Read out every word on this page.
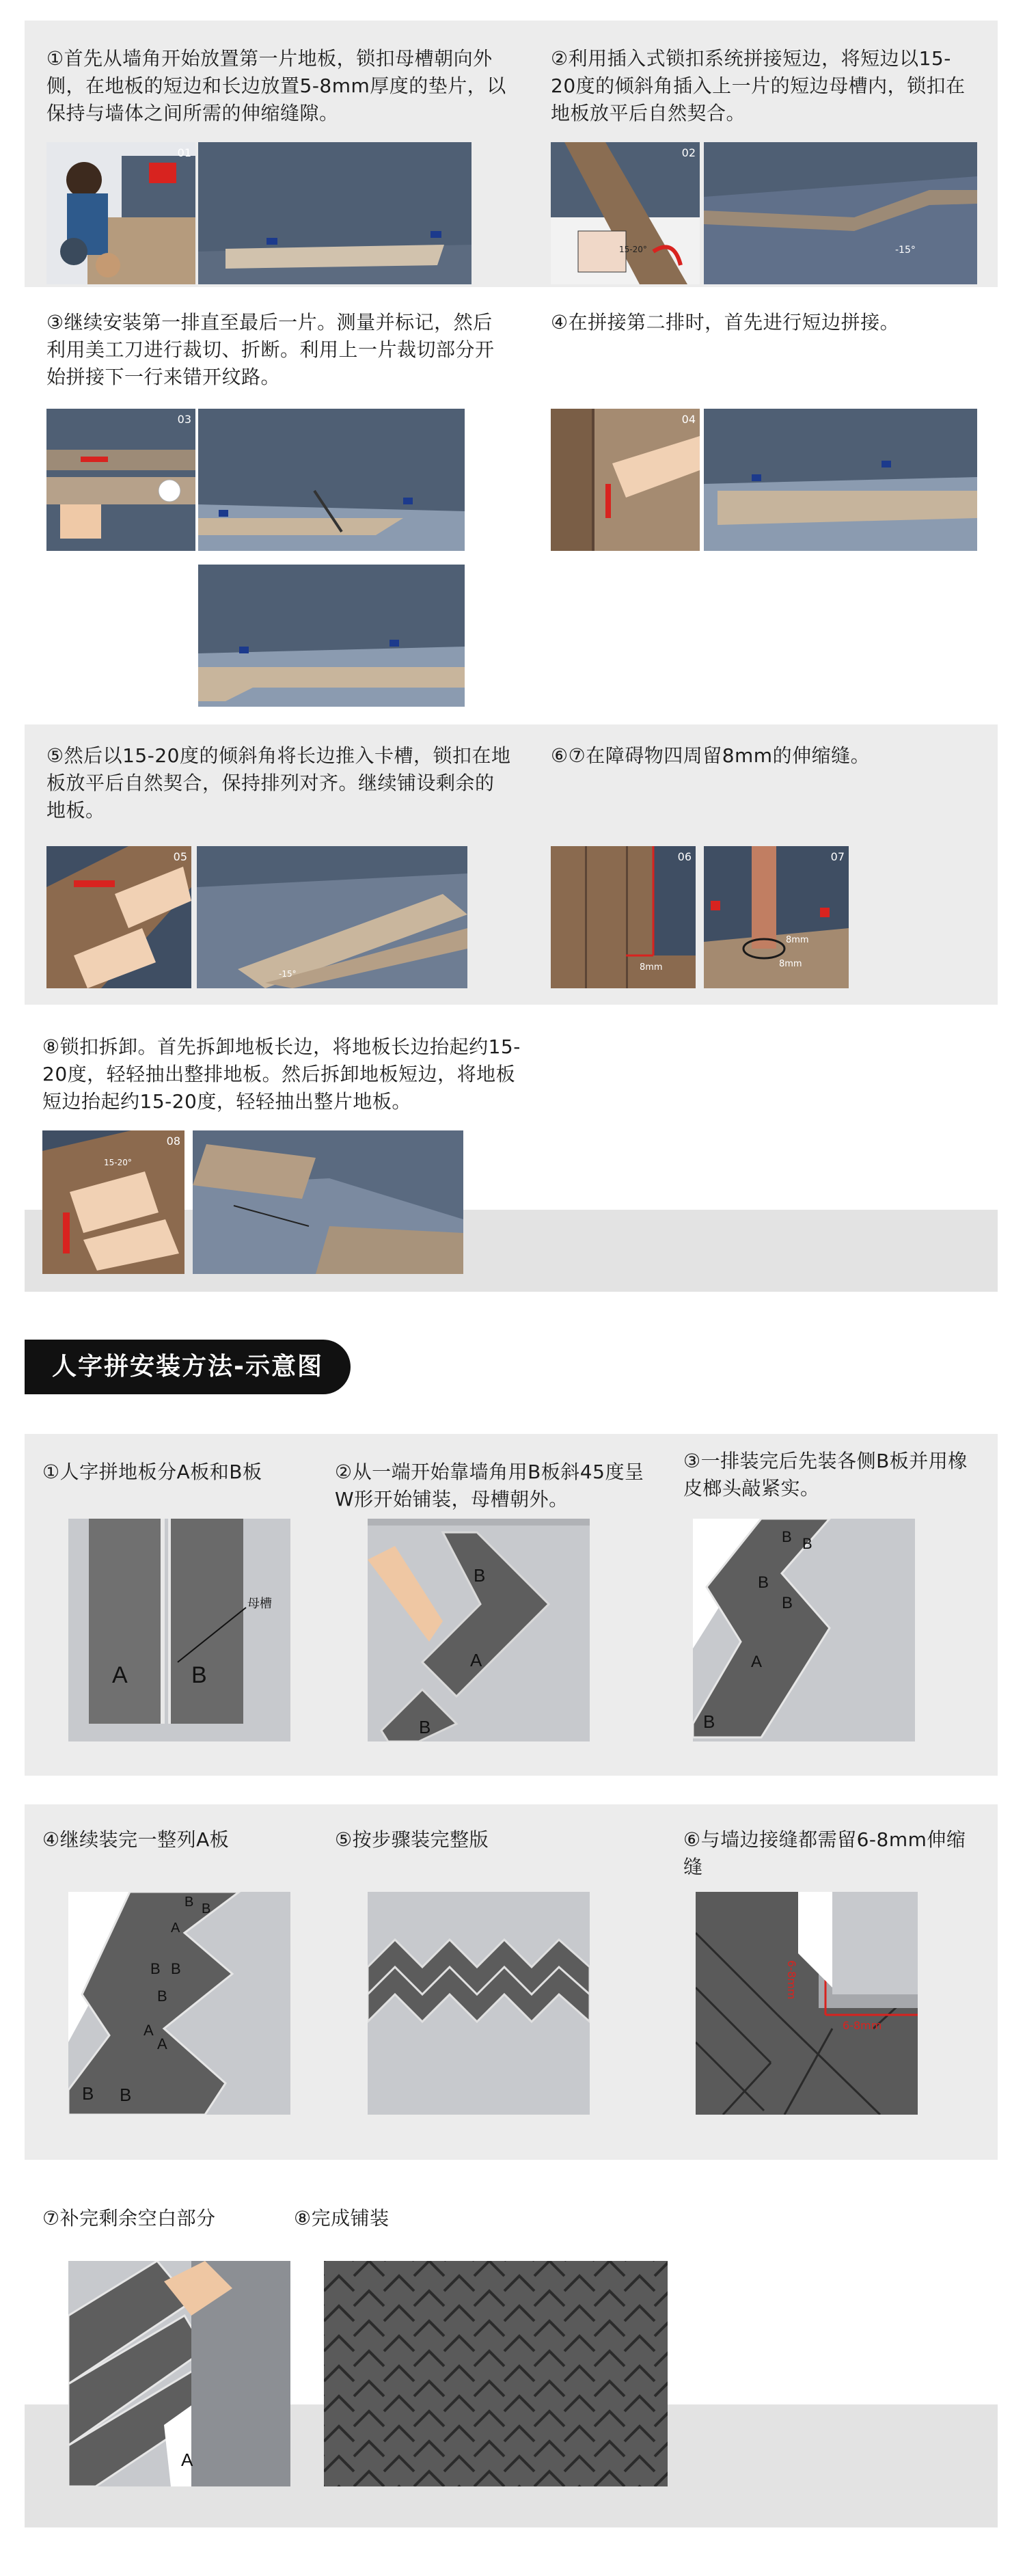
①首先从墙角开始放置第一片地板，锁扣母槽朝向外侧，在地板的短边和长边放置5-8mm厚度的垫片，以保持与墙体之间所需的伸缩缝隙。
01
②利用插入式锁扣系统拼接短边，将短边以15-20度的倾斜角插入上一片的短边母槽内，锁扣在地板放平后自然契合。
02
15-20°	-15°
③继续安装第一排直至最后一片。测量并标记，然后利用美工刀进行裁切、折断。利用上一片裁切部分开始拼接下一行来错开纹路。
03
④在拼接第二排时，首先进行短边拼接。
04
⑤然后以15-20度的倾斜角将长边推入卡槽，锁扣在地板放平后自然契合，保持排列对齐。继续铺设剩余的地板。
05
-15°
⑥⑦在障碍物四周留8mm的伸缩缝。
06
8mm
07
8mm
8mm
⑧锁扣拆卸。首先拆卸地板长边，将地板长边抬起约15-20度，轻轻抽出整排地板。然后拆卸地板短边，将地板短边抬起约15-20度，轻轻抽出整片地板。
08
15-20°
人字拼安装方法-示意图
①人字拼地板分A板和B板
A	B
母槽
②从一端开始靠墙角用B板斜45度呈W形开始铺装，母槽朝外。
B
A
B
③一排装完后先装各侧B板并用橡皮榔头敲紧实。
B B
B
B
A
B
④继续装完一整列A板
B B
A
B B
B
A
A
B B
⑤按步骤装完整版	⑥与墙边接缝都需留6-8mm伸缩缝
6-8mm
6-8mm
⑦补完剩余空白部分
A
⑧完成铺装
